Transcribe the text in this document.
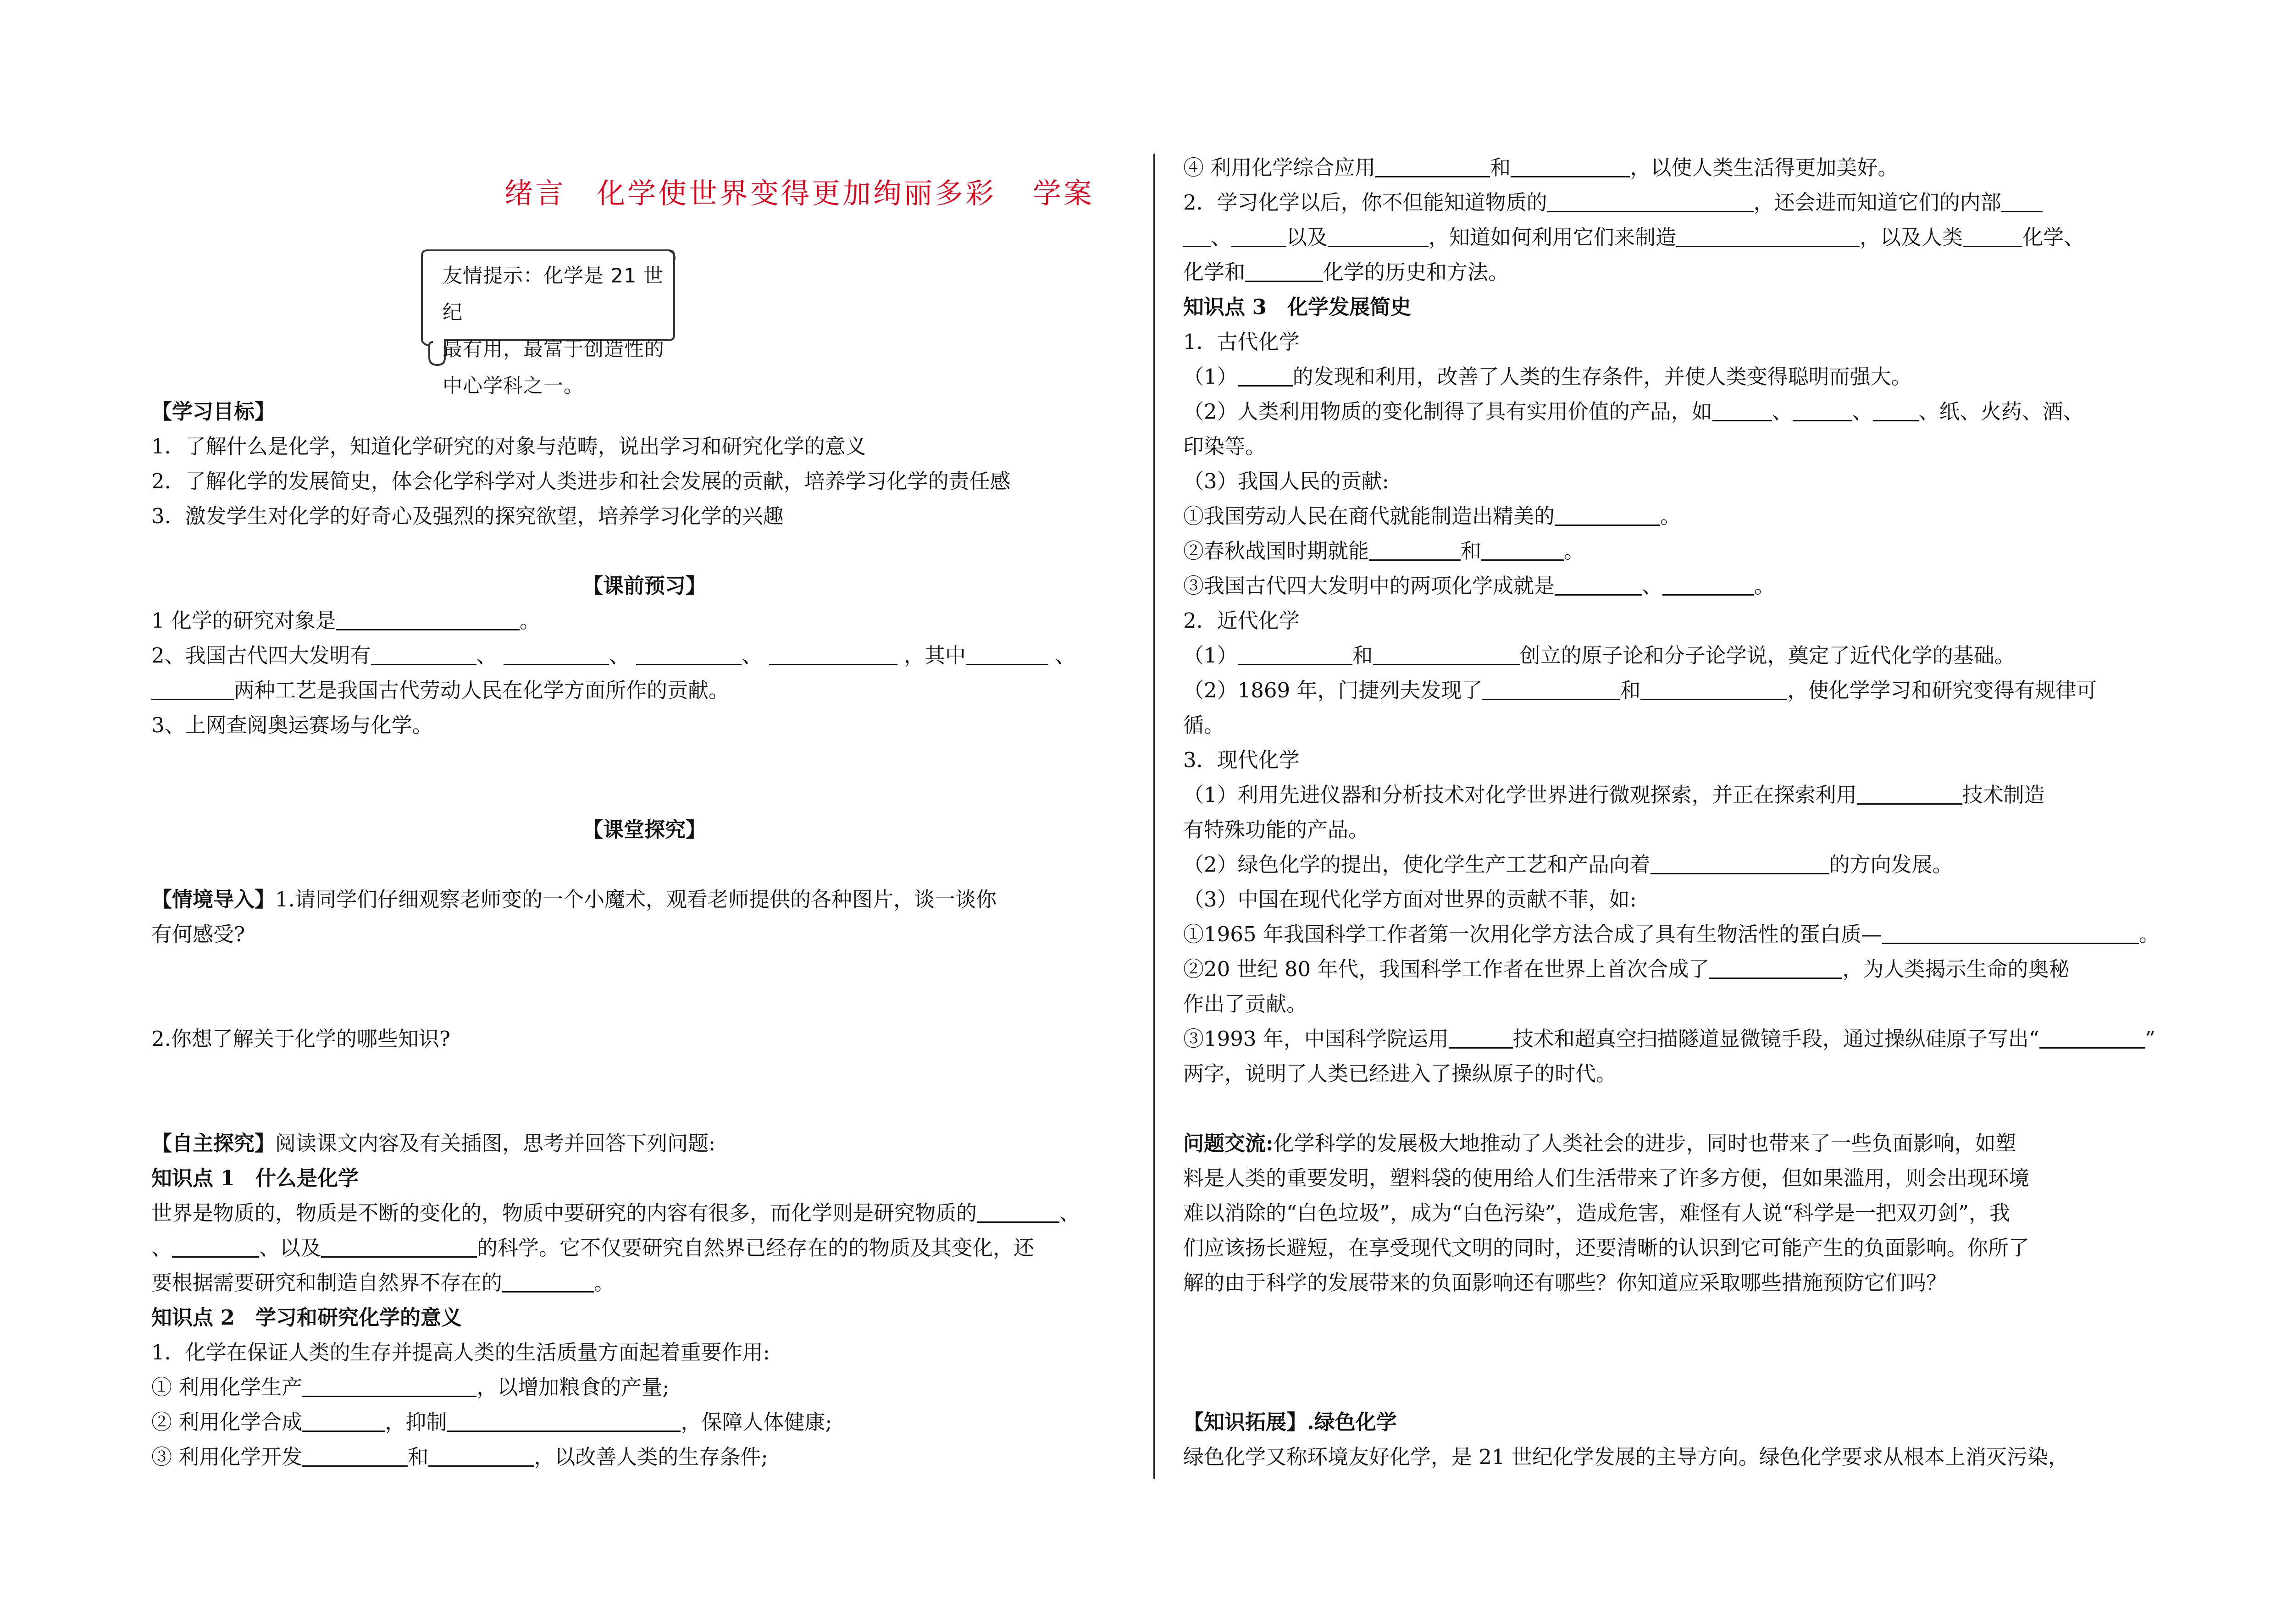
绪言　化学使世界变得更加绚丽多彩 学案
友情提示：化学是 21 世纪
最有用，最富于创造性的
中心学科之一。

【学习目标】

1．了解什么是化学，知道化学研究的对象与范畴，说出学习和研究化学的意义

2．了解化学的发展简史，体会化学科学对人类进步和社会发展的贡献，培养学习化学的责任感

3．激发学生对化学的好奇心及强烈的探究欲望，培养学习化学的兴趣

【课前预习】

1 化学的研究对象是	。

2、我国古代四大发明有	、	、	、	，其中	、

两种工艺是我国古代劳动人民在化学方面所作的贡献。

3、上网查阅奥运赛场与化学。

【课堂探究】

【情境导入】1.请同学们仔细观察老师变的一个小魔术，观看老师提供的各种图片，谈一谈你

有何感受?

2.你想了解关于化学的哪些知识?

【自主探究】阅读课文内容及有关插图，思考并回答下列问题:

知识点 1　什么是化学

世界是物质的，物质是不断的变化的，物质中要研究的内容有很多，而化学则是研究物质的	、

、	、以及	的科学。它不仅要研究自然界已经存在的的物质及其变化，还

要根据需要研究和制造自然界不存在的	。

知识点 2　学习和研究化学的意义

1．化学在保证人类的生存并提高人类的生活质量方面起着重要作用:

① 利用化学生产	，以增加粮食的产量;

② 利用化学合成	，抑制	，保障人体健康;

③ 利用化学开发	和	，以改善人类的生存条件;

④ 利用化学综合应用	和	，以使人类生活得更加美好。

2．学习化学以后，你不但能知道物质的	，还会进而知道它们的内部

、	以及	，知道如何利用它们来制造	，以及人类	化学、

化学和	化学的历史和方法。

知识点 3　化学发展简史

1．古代化学

（1）	的发现和利用，改善了人类的生存条件，并使人类变得聪明而强大。

（2）人类利用物质的变化制得了具有实用价值的产品，如	、	、 、纸、火药、酒、

印染等。

（3）我国人民的贡献:

①我国劳动人民在商代就能制造出精美的	。

②春秋战国时期就能	和	。

③我国古代四大发明中的两项化学成就是	、	。

2．近代化学

（1）	和	创立的原子论和分子论学说，奠定了近代化学的基础。

（2）1869 年，门捷列夫发现了	和	，使化学学习和研究变得有规律可

循。

3．现代化学

（1）利用先进仪器和分析技术对化学世界进行微观探索，并正在探索利用	技术制造

有特殊功能的产品。

（2）绿色化学的提出，使化学生产工艺和产品向着	的方向发展。

（3）中国在现代化学方面对世界的贡献不菲，如:

①1965 年我国科学工作者第一次用化学方法合成了具有生物活性的蛋白质—	。

②20 世纪 80 年代，我国科学工作者在世界上首次合成了	，为人类揭示生命的奥秘

作出了贡献。

③1993 年，中国科学院运用	技术和超真空扫描隧道显微镜手段，通过操纵硅原子写出“	”

两字，说明了人类已经进入了操纵原子的时代。

问题交流:化学科学的发展极大地推动了人类社会的进步，同时也带来了一些负面影响，如塑

料是人类的重要发明，塑料袋的使用给人们生活带来了许多方便，但如果滥用，则会出现环境

难以消除的“白色垃圾”，成为“白色污染”，造成危害，难怪有人说“科学是一把双刃剑”，我

们应该扬长避短，在享受现代文明的同时，还要清晰的认识到它可能产生的负面影响。你所了

解的由于科学的发展带来的负面影响还有哪些？你知道应采取哪些措施预防它们吗？

【知识拓展】.绿色化学

绿色化学又称环境友好化学，是 21 世纪化学发展的主导方向。绿色化学要求从根本上消灭污染，
